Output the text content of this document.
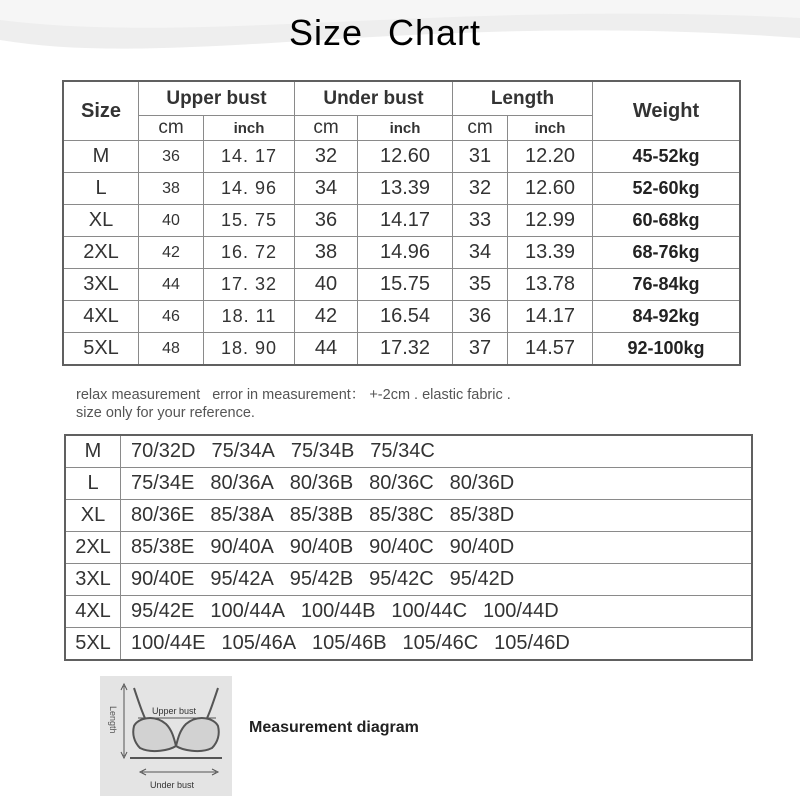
Size Chart
Size	Upper bust		Under bust		Length		Weight
	cm	inch	cm	inch	cm	inch	
M	36	14. 17	32	12.60	31	12.20	45-52kg
L	38	14. 96	34	13.39	32	12.60	52-60kg
XL	40	15. 75	36	14.17	33	12.99	60-68kg
2XL	42	16. 72	38	14.96	34	13.39	68-76kg
3XL	44	17. 32	40	15.75	35	13.78	76-84kg
4XL	46	18. 11	42	16.54	36	14.17	84-92kg
5XL	48	18. 90	44	17.32	37	14.57	92-100kg
relax measurement   error in measurement： +-2cm . elastic fabric .
size only for your reference.
M	70/32D 75/34A 75/34B 75/34C
L	75/34E 80/36A 80/36B 80/36C 80/36D
XL	80/36E 85/38A 85/38B 85/38C 85/38D
2XL	85/38E 90/40A 90/40B 90/40C 90/40D
3XL	90/40E 95/42A 95/42B 95/42C 95/42D
4XL	95/42E 100/44A 100/44B 100/44C 100/44D
5XL	100/44E 105/46A 105/46B 105/46C 105/46D
Length	Upper bust
Under bust
Measurement diagram
